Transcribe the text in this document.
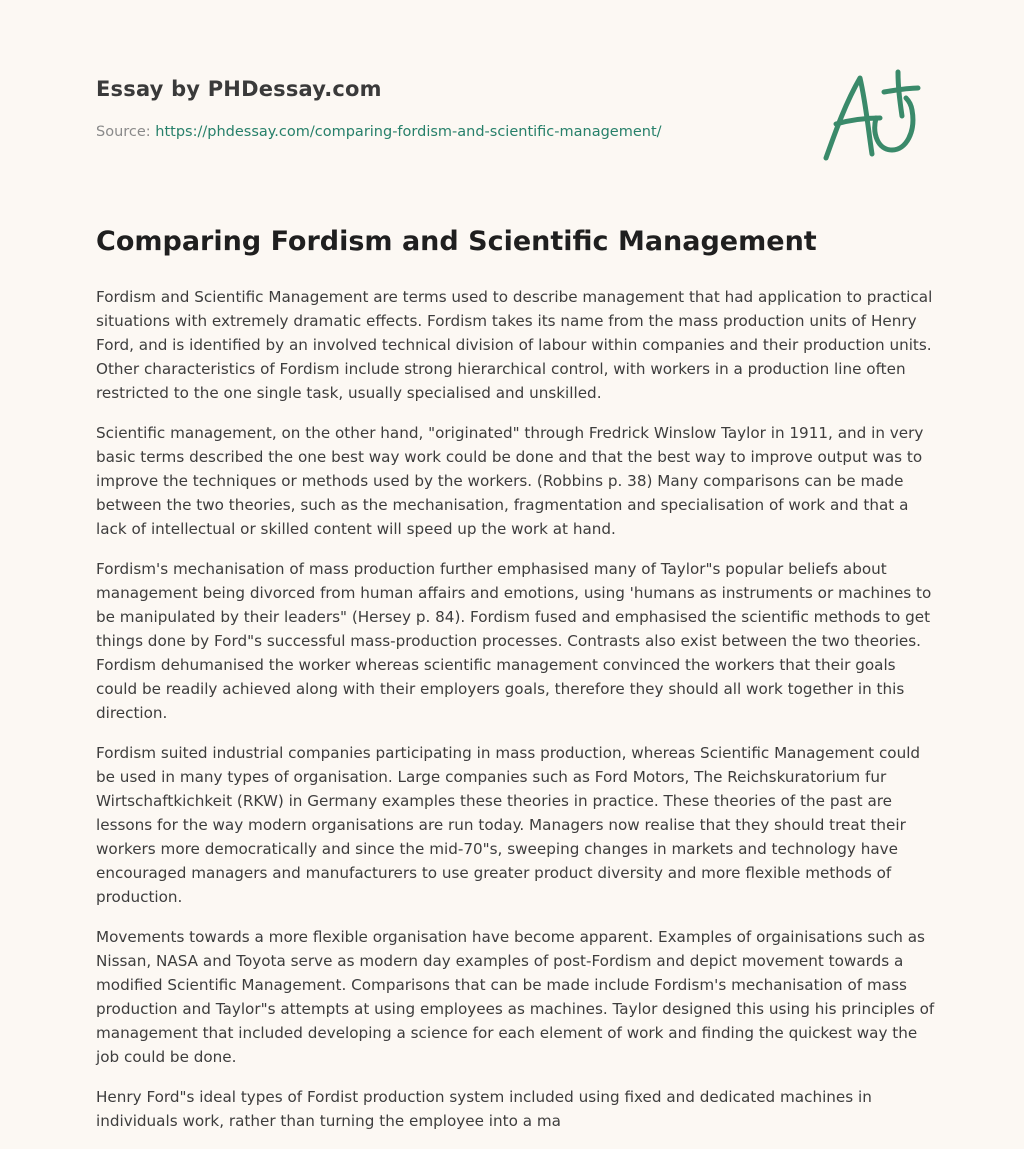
Essay by PHDessay.com
Source: https://phdessay.com/comparing-fordism-and-scientific-management/
Comparing Fordism and Scientific Management

Fordism and Scientific Management are terms used to describe management that had application to practical situations with extremely dramatic effects. Fordism takes its name from the mass production units of Henry Ford, and is identified by an involved technical division of labour within companies and their production units. Other characteristics of Fordism include strong hierarchical control, with workers in a production line often restricted to the one single task, usually specialised and unskilled.

Scientific management, on the other hand, "originated" through Fredrick Winslow Taylor in 1911, and in very basic terms described the one best way work could be done and that the best way to improve output was to improve the techniques or methods used by the workers. (Robbins p. 38) Many comparisons can be made between the two theories, such as the mechanisation, fragmentation and specialisation of work and that a lack of intellectual or skilled content will speed up the work at hand.

Fordism's mechanisation of mass production further emphasised many of Taylor"s popular beliefs about management being divorced from human affairs and emotions, using 'humans as instruments or machines to be manipulated by their leaders" (Hersey p. 84). Fordism fused and emphasised the scientific methods to get things done by Ford"s successful mass-production processes. Contrasts also exist between the two theories. Fordism dehumanised the worker whereas scientific management convinced the workers that their goals could be readily achieved along with their employers goals, therefore they should all work together in this direction.

Fordism suited industrial companies participating in mass production, whereas Scientific Management could be used in many types of organisation. Large companies such as Ford Motors, The Reichskuratorium fur Wirtschaftkichkeit (RKW) in Germany examples these theories in practice. These theories of the past are lessons for the way modern organisations are run today. Managers now realise that they should treat their workers more democratically and since the mid-70"s, sweeping changes in markets and technology have encouraged managers and manufacturers to use greater product diversity and more flexible methods of production.

Movements towards a more flexible organisation have become apparent. Examples of orgainisations such as Nissan, NASA and Toyota serve as modern day examples of post-Fordism and depict movement towards a modified Scientific Management. Comparisons that can be made include Fordism's mechanisation of mass production and Taylor"s attempts at using employees as machines. Taylor designed this using his principles of management that included developing a science for each element of work and finding the quickest way the job could be done.

Henry Ford"s ideal types of Fordist production system included using fixed and dedicated machines in individuals work, rather than turning the employee into a ma
